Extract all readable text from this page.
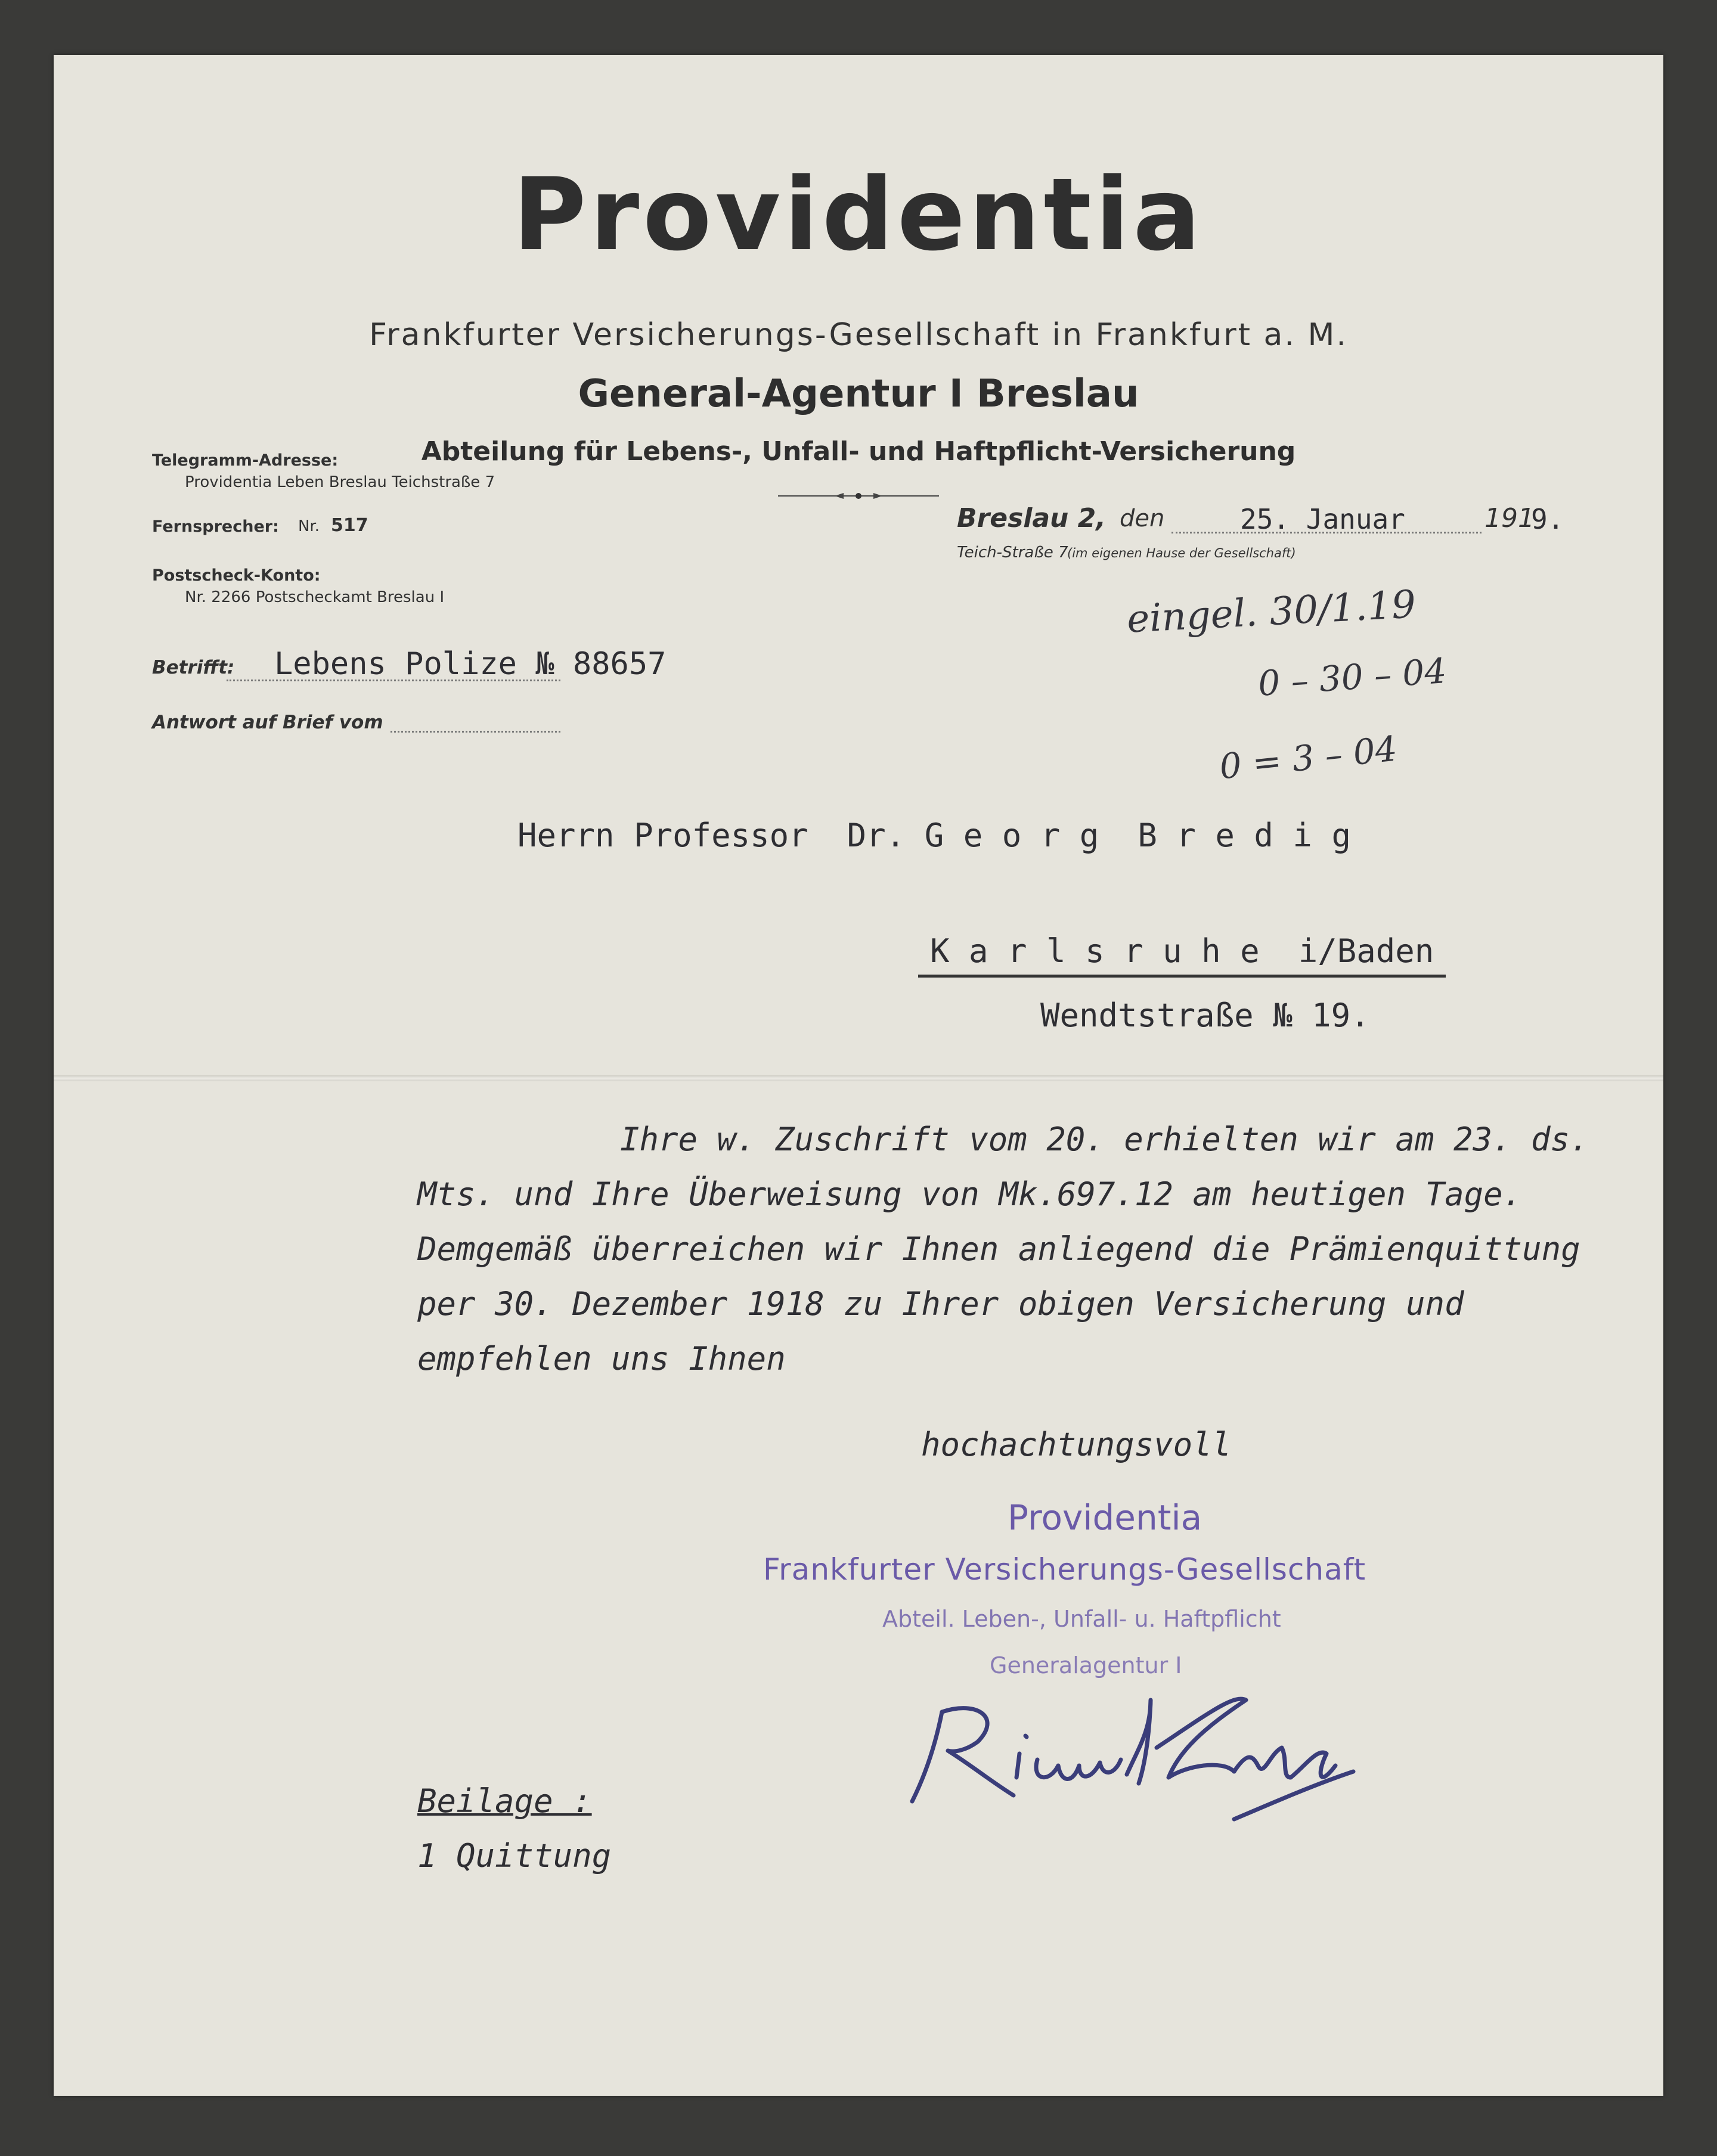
Providentia
Frankfurter Versicherungs-Gesellschaft in Frankfurt a. M.
General-Agentur I Breslau
Abteilung für Lebens-, Unfall- und Haftpflicht-Versicherung
Telegramm-Adresse:
Providentia Leben Breslau Teichstraße 7
Fernsprecher: Nr. 517
Postscheck-Konto:
Nr. 2266 Postscheckamt Breslau I
Breslau 2, den	25. Januar	191
9.
Teich-Straße 7
(im eigenen Hause der Gesellschaft)
eingel. 30/1.19
0 – 30 – 04
0 = 3 – 04
Betrifft: Lebens Polize № 88657
Antwort auf Brief vom
Herrn Professor  Dr. G e o r g  B r e d i g
K a r l s r u h e  i/Baden
Wendtstraße № 19.
Ihre w. Zuschrift vom 20. erhielten wir am 23. ds.
Mts. und Ihre Überweisung von Mk.697.12 am heutigen Tage.
Demgemäß überreichen wir Ihnen anliegend die Prämienquittung
per 30. Dezember 1918 zu Ihrer obigen Versicherung und
empfehlen uns Ihnen
hochachtungsvoll
Providentia
Frankfurter Versicherungs-Gesellschaft
Abteil. Leben-, Unfall- u. Haftpflicht
Generalagentur I
Beilage :
1 Quittung
